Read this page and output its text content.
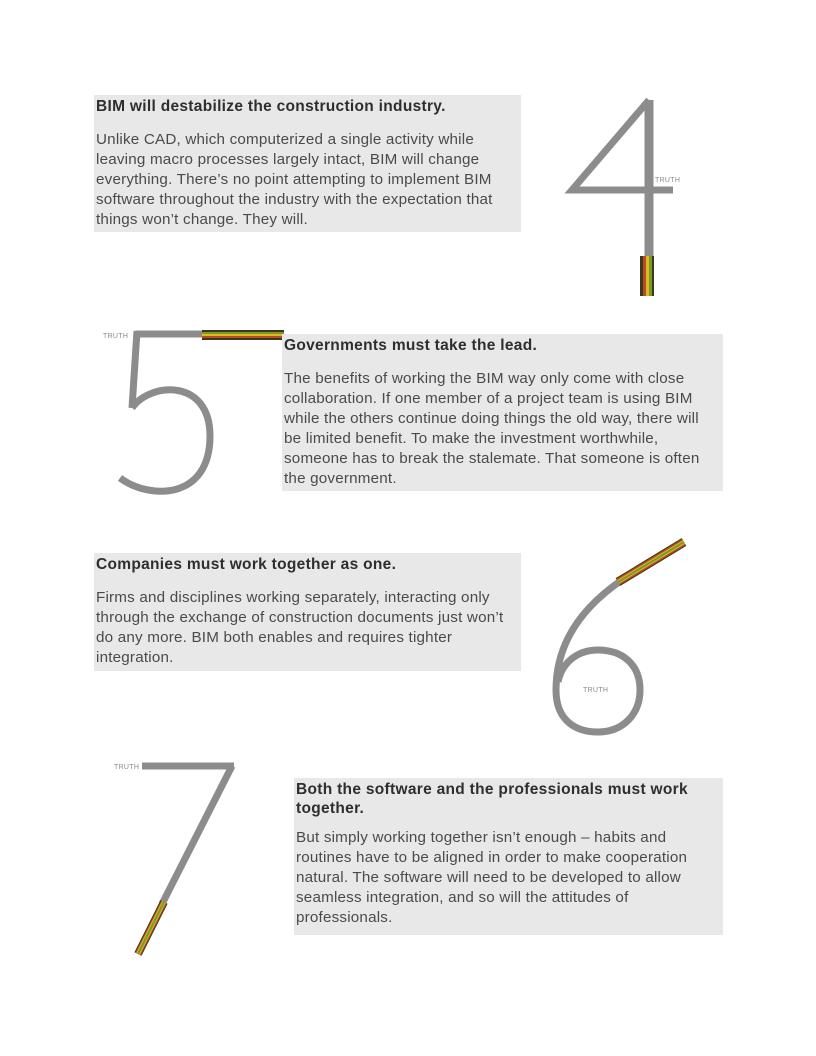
TRUTH
TRUTH
TRUTH
TRUTH
BIM will destabilize the construction industry.

Unlike CAD, which computerized a single activity while leaving macro processes largely intact, BIM will change everything. There’s no point attempting to implement BIM software throughout the industry with the expectation that things won’t change. They will.

Governments must take the lead.

The benefits of working the BIM way only come with close collaboration. If one member of a project team is using BIM while the others continue doing things the old way, there will be limited benefit. To make the investment worthwhile, someone has to break the stalemate. That someone is often the government.

Companies must work together as one.

Firms and disciplines working separately, interacting only through the exchange of construction documents just won’t do any more. BIM both enables and requires tighter integration.

Both the software and the professionals must work together.

But simply working together isn’t enough – habits and routines have to be aligned in order to make cooperation natural. The software will need to be developed to allow seamless integration, and so will the attitudes of professionals.
